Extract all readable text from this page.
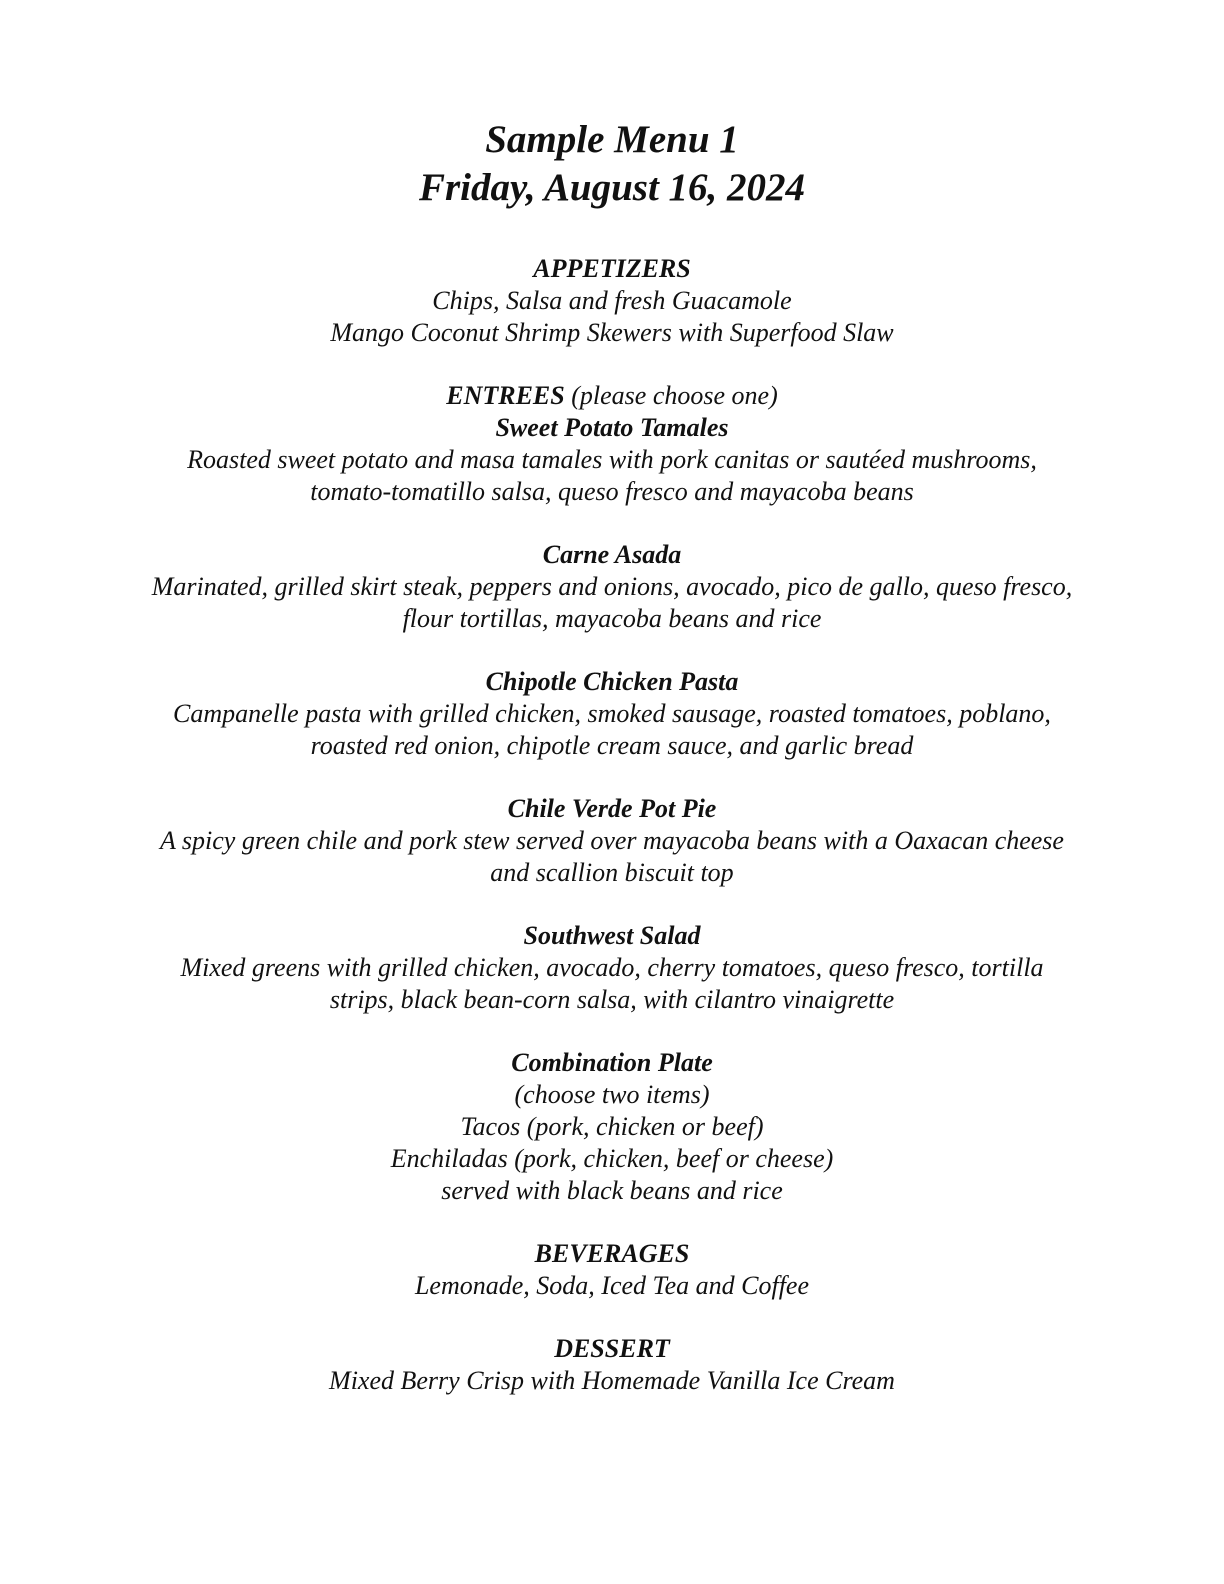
Sample Menu 1
Friday, August 16, 2024
APPETIZERS
Chips, Salsa and fresh Guacamole
Mango Coconut Shrimp Skewers with Superfood Slaw
ENTREES (please choose one)
Sweet Potato Tamales
Roasted sweet potato and masa tamales with pork canitas or sautéed mushrooms,
tomato-tomatillo salsa, queso fresco and mayacoba beans
Carne Asada
Marinated, grilled skirt steak, peppers and onions, avocado, pico de gallo, queso fresco,
flour tortillas, mayacoba beans and rice
Chipotle Chicken Pasta
Campanelle pasta with grilled chicken, smoked sausage, roasted tomatoes, poblano,
roasted red onion, chipotle cream sauce, and garlic bread
Chile Verde Pot Pie
A spicy green chile and pork stew served over mayacoba beans with a Oaxacan cheese
and scallion biscuit top
Southwest Salad
Mixed greens with grilled chicken, avocado, cherry tomatoes, queso fresco, tortilla
strips, black bean-corn salsa, with cilantro vinaigrette
Combination Plate
(choose two items)
Tacos (pork, chicken or beef)
Enchiladas (pork, chicken, beef or cheese)
served with black beans and rice
BEVERAGES
Lemonade, Soda, Iced Tea and Coffee
DESSERT
Mixed Berry Crisp with Homemade Vanilla Ice Cream
